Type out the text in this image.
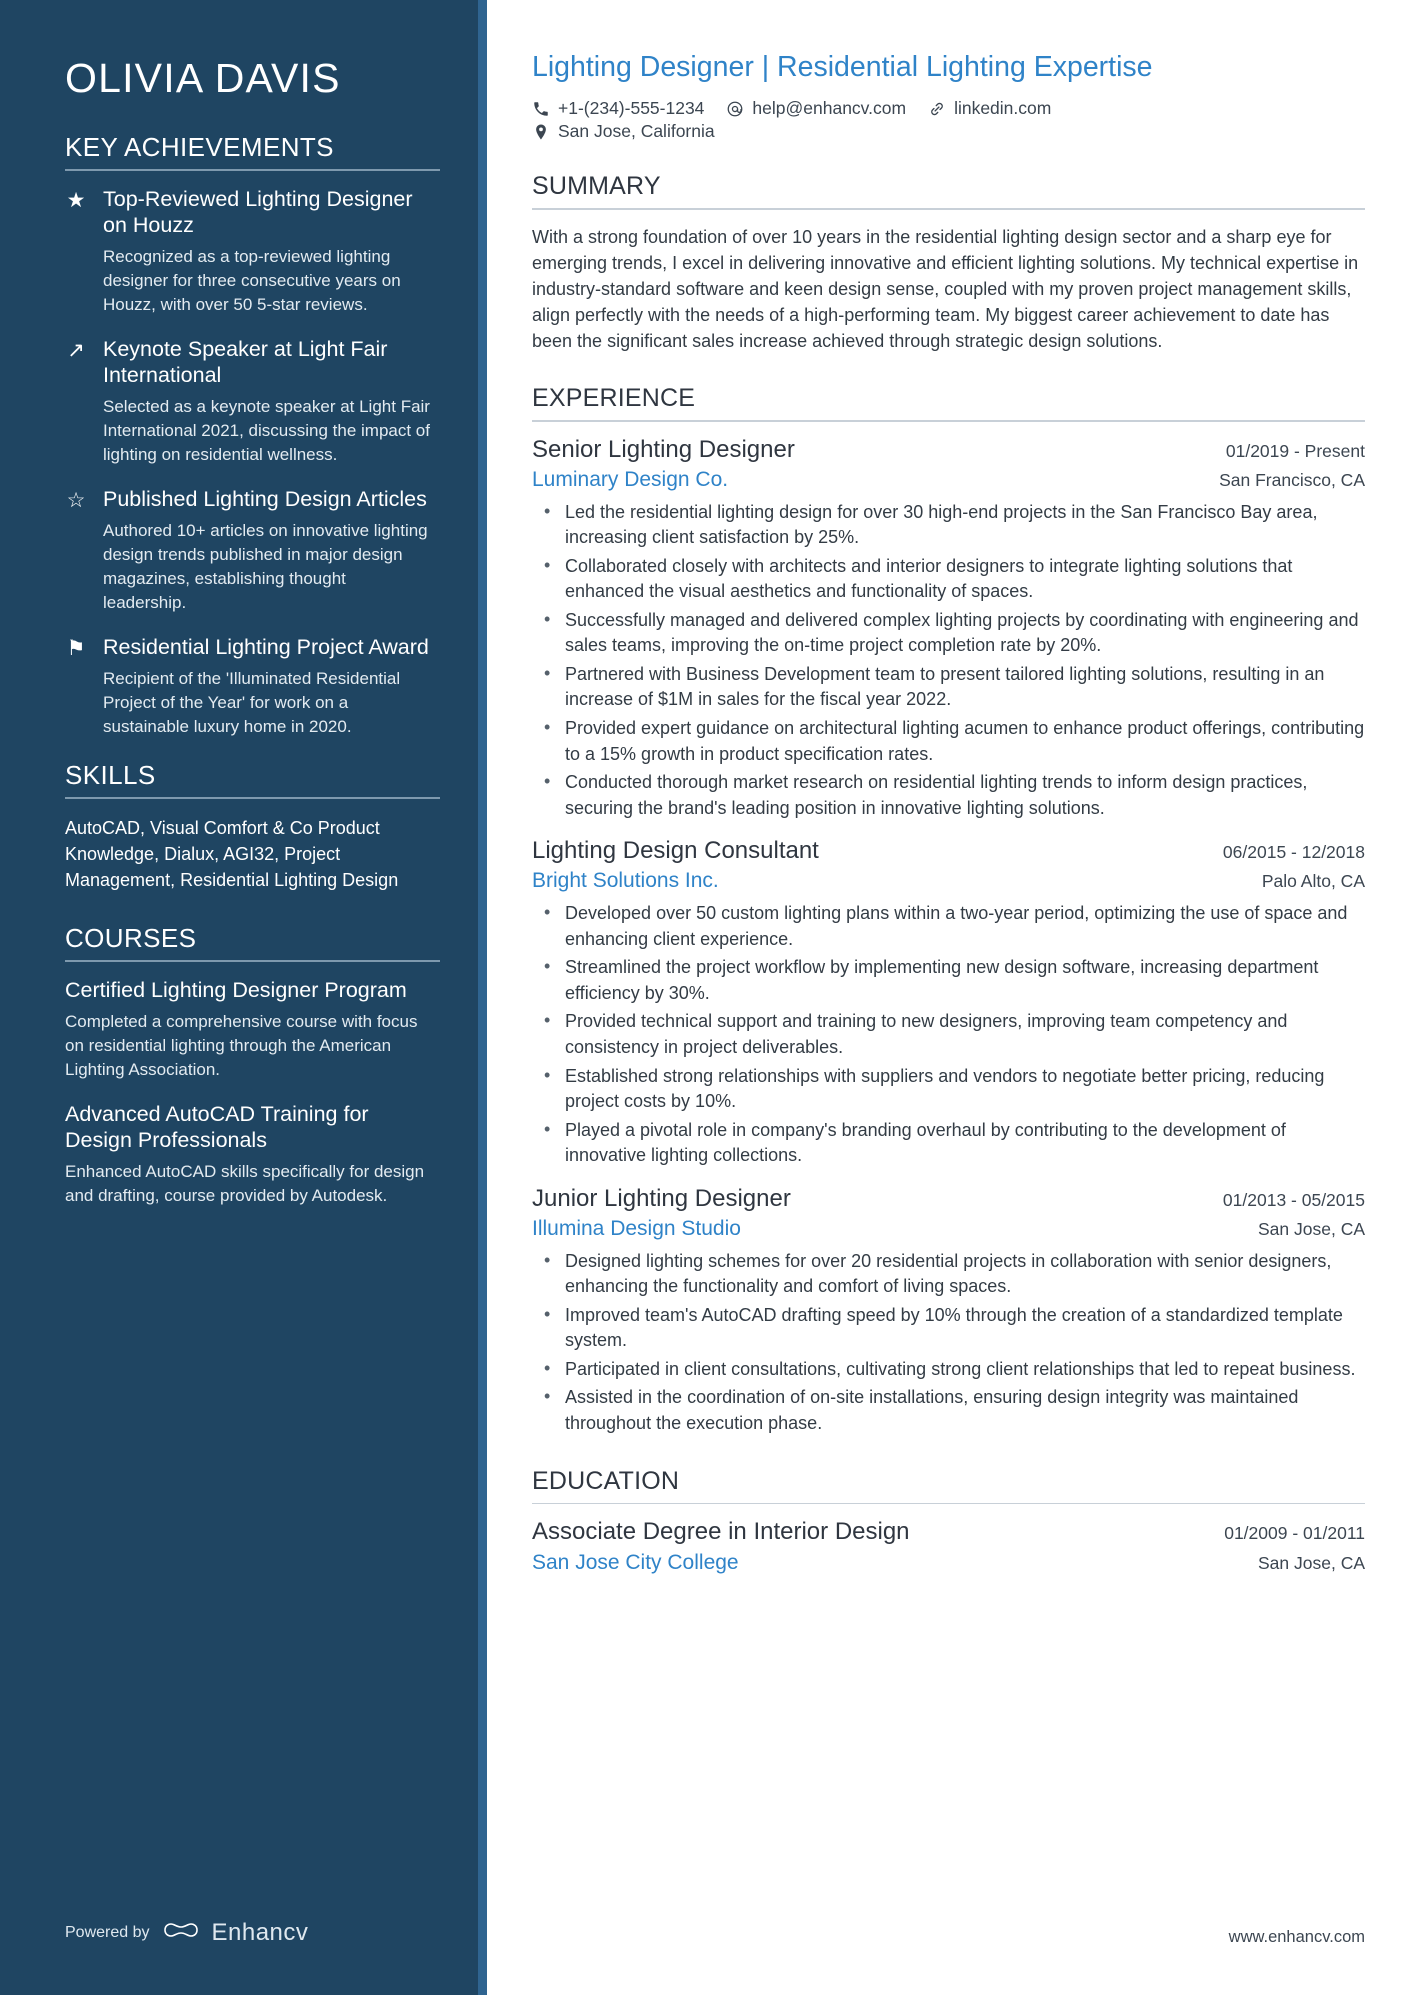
OLIVIA DAVIS
KEY ACHIEVEMENTS
★ Top-Reviewed Lighting Designer on Houzz

Recognized as a top-reviewed lighting designer for three consecutive years on Houzz, with over 50 5-star reviews.

↗ Keynote Speaker at Light Fair International

Selected as a keynote speaker at Light Fair International 2021, discussing the impact of lighting on residential wellness.

☆ Published Lighting Design Articles

Authored 10+ articles on innovative lighting design trends published in major design magazines, establishing thought leadership.

⚑ Residential Lighting Project Award

Recipient of the 'Illuminated Residential Project of the Year' for work on a sustainable luxury home in 2020.

SKILLS

AutoCAD, Visual Comfort & Co Product Knowledge, Dialux, AGI32, Project Management, Residential Lighting Design

COURSES
Certified Lighting Designer Program

Completed a comprehensive course with focus on residential lighting through the American Lighting Association.

Advanced AutoCAD Training for Design Professionals

Enhanced AutoCAD skills specifically for design and drafting, course provided by Autodesk.

Powered by	Enhancv
Lighting Designer | Residential Lighting Expertise
+1-(234)-555-1234	help@enhancv.com	linkedin.com
San Jose, California
SUMMARY

With a strong foundation of over 10 years in the residential lighting design sector and a sharp eye for emerging trends, I excel in delivering innovative and efficient lighting solutions. My technical expertise in industry-standard software and keen design sense, coupled with my proven project management skills, align perfectly with the needs of a high-performing team. My biggest career achievement to date has been the significant sales increase achieved through strategic design solutions.

EXPERIENCE
Senior Lighting Designer	01/2019 - Present
Luminary Design Co.	San Francisco, CA
• Led the residential lighting design for over 30 high-end projects in the San Francisco Bay area, increasing client satisfaction by 25%.
• Collaborated closely with architects and interior designers to integrate lighting solutions that enhanced the visual aesthetics and functionality of spaces.
• Successfully managed and delivered complex lighting projects by coordinating with engineering and sales teams, improving the on-time project completion rate by 20%.
• Partnered with Business Development team to present tailored lighting solutions, resulting in an increase of $1M in sales for the fiscal year 2022.
• Provided expert guidance on architectural lighting acumen to enhance product offerings, contributing to a 15% growth in product specification rates.
• Conducted thorough market research on residential lighting trends to inform design practices, securing the brand's leading position in innovative lighting solutions.
Lighting Design Consultant	06/2015 - 12/2018
Bright Solutions Inc.	Palo Alto, CA
• Developed over 50 custom lighting plans within a two-year period, optimizing the use of space and enhancing client experience.
• Streamlined the project workflow by implementing new design software, increasing department efficiency by 30%.
• Provided technical support and training to new designers, improving team competency and consistency in project deliverables.
• Established strong relationships with suppliers and vendors to negotiate better pricing, reducing project costs by 10%.
• Played a pivotal role in company's branding overhaul by contributing to the development of innovative lighting collections.
Junior Lighting Designer	01/2013 - 05/2015
Illumina Design Studio	San Jose, CA
• Designed lighting schemes for over 20 residential projects in collaboration with senior designers, enhancing the functionality and comfort of living spaces.
• Improved team's AutoCAD drafting speed by 10% through the creation of a standardized template system.
• Participated in client consultations, cultivating strong client relationships that led to repeat business.
• Assisted in the coordination of on-site installations, ensuring design integrity was maintained throughout the execution phase.
EDUCATION
Associate Degree in Interior Design	01/2009 - 01/2011
San Jose City College	San Jose, CA
www.enhancv.com
